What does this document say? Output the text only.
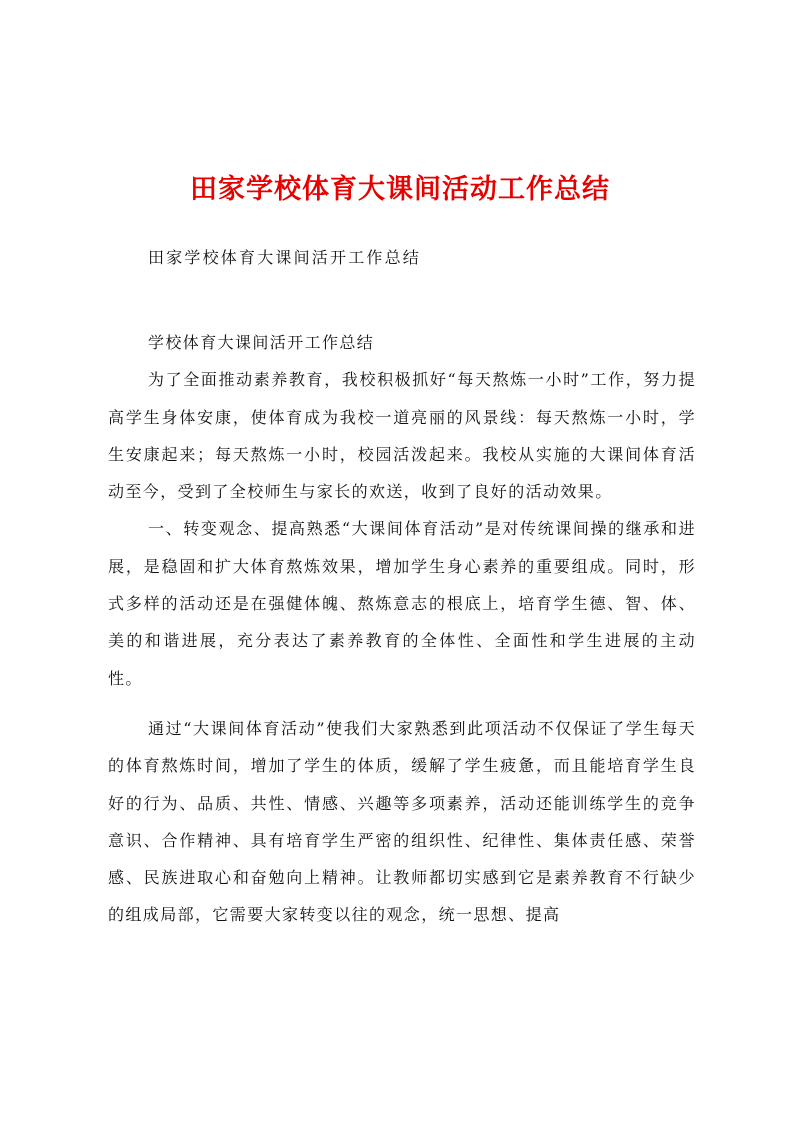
田家学校体育大课间活动工作总结
田家学校体育大课间活开工作总结

学校体育大课间活开工作总结

为了全面推动素养教育，我校积极抓好“每天熬炼一小时”工作，努力提高学生身体安康，使体育成为我校一道亮丽的风景线：每天熬炼一小时，学生安康起来；每天熬炼一小时，校园活泼起来。我校从实施的大课间体育活动至今，受到了全校师生与家长的欢送，收到了良好的活动效果。

一、转变观念、提高熟悉“大课间体育活动”是对传统课间操的继承和进展，是稳固和扩大体育熬炼效果，增加学生身心素养的重要组成。同时，形式多样的活动还是在强健体魄、熬炼意志的根底上，培育学生德、智、体、美的和谐进展，充分表达了素养教育的全体性、全面性和学生进展的主动性。

通过“大课间体育活动”使我们大家熟悉到此项活动不仅保证了学生每天的体育熬炼时间，增加了学生的体质，缓解了学生疲惫，而且能培育学生良好的行为、品质、共性、情感、兴趣等多项素养，活动还能训练学生的竞争意识、合作精神、具有培育学生严密的组织性、纪律性、集体责任感、荣誉感、民族进取心和奋勉向上精神。让教师都切实感到它是素养教育不行缺少的组成局部，它需要大家转变以往的观念，统一思想、提高
